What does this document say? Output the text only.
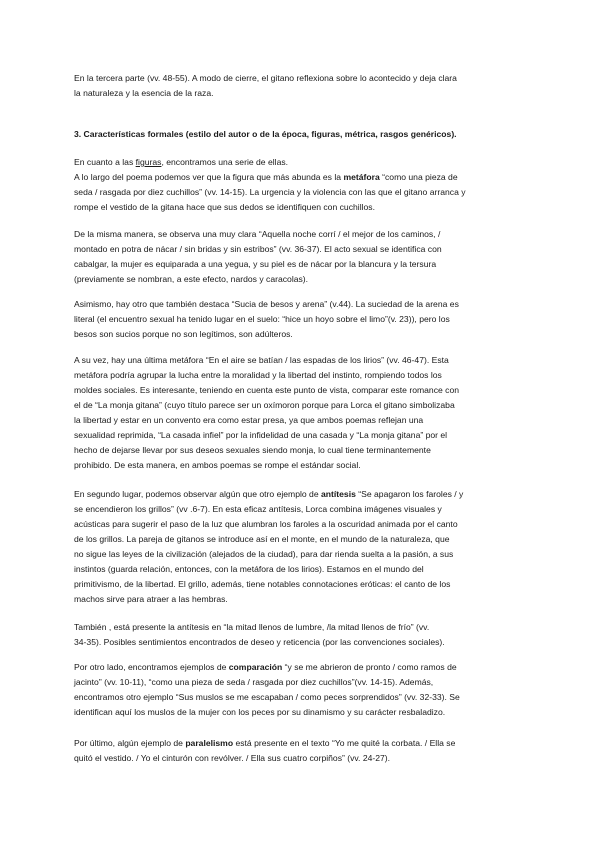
En la tercera parte (vv. 48-55). A modo de cierre, el gitano reflexiona sobre lo acontecido y deja clara
la naturaleza y la esencia de la raza.

3. Características formales (estilo del autor o de la época, figuras, métrica, rasgos genéricos).

En cuanto a las figuras, encontramos una serie de ellas.
A lo largo del poema podemos ver que la figura que más abunda es la metáfora “como una pieza de
seda / rasgada por diez cuchillos” (vv. 14-15). La urgencia y la violencia con las que el gitano arranca y
rompe el vestido de la gitana hace que sus dedos se identifiquen con cuchillos.

De la misma manera, se observa una muy clara “Aquella noche corrí / el mejor de los caminos, /
montado en potra de nácar / sin bridas y sin estribos” (vv. 36-37). El acto sexual se identifica con
cabalgar, la mujer es equiparada a una yegua, y su piel es de nácar por la blancura y la tersura
(previamente se nombran, a este efecto, nardos y caracolas).

Asimismo, hay otro que también destaca “Sucia de besos y arena” (v.44). La suciedad de la arena es
literal (el encuentro sexual ha tenido lugar en el suelo: “hice un hoyo sobre el limo”(v. 23)), pero los
besos son sucios porque no son legítimos, son adúlteros.

A su vez, hay una última metáfora “En el aire se batían / las espadas de los lirios” (vv. 46-47). Esta
metáfora podría agrupar la lucha entre la moralidad y la libertad del instinto, rompiendo todos los
moldes sociales. Es interesante, teniendo en cuenta este punto de vista, comparar este romance con
el de “La monja gitana” (cuyo título parece ser un oxímoron porque para Lorca el gitano simbolizaba
la libertad y estar en un convento era como estar presa, ya que ambos poemas reflejan una
sexualidad reprimida, “La casada infiel” por la infidelidad de una casada y “La monja gitana” por el
hecho de dejarse llevar por sus deseos sexuales siendo monja, lo cual tiene terminantemente
prohibido. De esta manera, en ambos poemas se rompe el estándar social.

En segundo lugar, podemos observar algún que otro ejemplo de antítesis “Se apagaron los faroles / y
se encendieron los grillos” (vv .6-7). En esta eficaz antítesis, Lorca combina imágenes visuales y
acústicas para sugerir el paso de la luz que alumbran los faroles a la oscuridad animada por el canto
de los grillos. La pareja de gitanos se introduce así en el monte, en el mundo de la naturaleza, que
no sigue las leyes de la civilización (alejados de la ciudad), para dar rienda suelta a la pasión, a sus
instintos (guarda relación, entonces, con la metáfora de los lirios). Estamos en el mundo del
primitivismo, de la libertad. El grillo, además, tiene notables connotaciones eróticas: el canto de los
machos sirve para atraer a las hembras.

También , está presente la antítesis en “la mitad llenos de lumbre, /la mitad llenos de frío” (vv.
34-35). Posibles sentimientos encontrados de deseo y reticencia (por las convenciones sociales).

Por otro lado, encontramos ejemplos de comparación “y se me abrieron de pronto / como ramos de
jacinto” (vv. 10-11), “como una pieza de seda / rasgada por diez cuchillos”(vv. 14-15). Además,
encontramos otro ejemplo “Sus muslos se me escapaban / como peces sorprendidos” (vv. 32-33). Se
identifican aquí los muslos de la mujer con los peces por su dinamismo y su carácter resbaladizo.

Por último, algún ejemplo de paralelismo está presente en el texto “Yo me quité la corbata. / Ella se
quitó el vestido. / Yo el cinturón con revólver. / Ella sus cuatro corpiños” (vv. 24-27).
